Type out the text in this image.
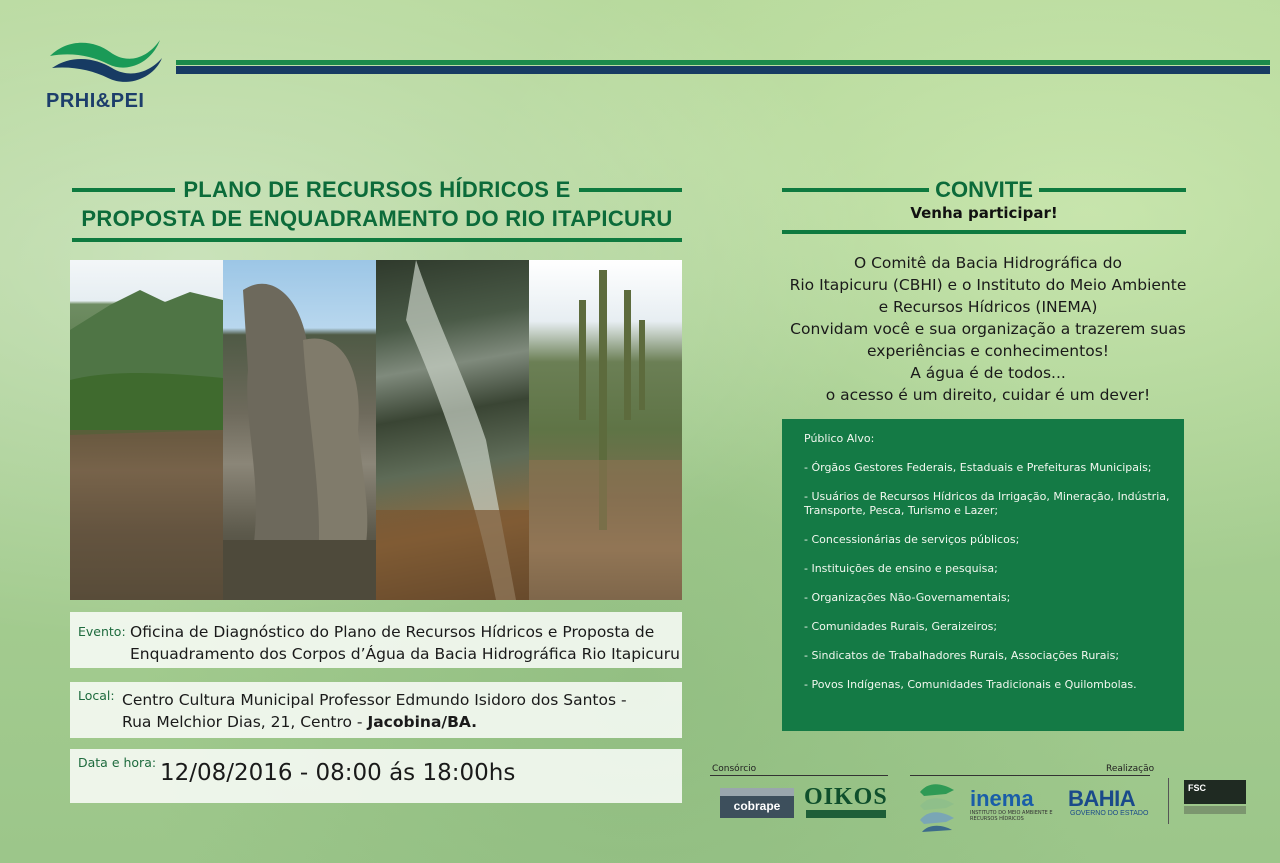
PRHI&PEI
PLANO DE RECURSOS HÍDRICOS E
PROPOSTA DE ENQUADRAMENTO DO RIO ITAPICURU
Evento: Oficina de Diagnóstico do Plano de Recursos Hídricos e Proposta de
Enquadramento dos Corpos d’Água da Bacia Hidrográfica Rio Itapicuru
Local: Centro Cultura Municipal Professor Edmundo Isidoro dos Santos -
Rua Melchior Dias, 21, Centro - Jacobina/BA.
Data e hora: 12/08/2016 - 08:00 ás 18:00hs
CONVITE
Venha participar!
O Comitê da Bacia Hidrográfica do
Rio Itapicuru (CBHI) e o Instituto do Meio Ambiente
e Recursos Hídricos (INEMA)
Convidam você e sua organização a trazerem suas
experiências e conhecimentos!
A água é de todos...
o acesso é um direito, cuidar é um dever!
Público Alvo:
- Órgãos Gestores Federais, Estaduais e Prefeituras Municipais;
- Usuários de Recursos Hídricos da Irrigação, Mineração, Indústria, Transporte, Pesca, Turismo e Lazer;
- Concessionárias de serviços públicos;
- Instituições de ensino e pesquisa;
- Organizações Não-Governamentais;
- Comunidades Rurais, Geraizeiros;
- Sindicatos de Trabalhadores Rurais, Associações Rurais;
- Povos Indígenas, Comunidades Tradicionais e Quilombolas.
Consórcio	Realização
cobrape OIKOS	inema
INSTITUTO DO MEIO AMBIENTE E RECURSOS HÍDRICOS
BAHIA
GOVERNO DO ESTADO
FSC
